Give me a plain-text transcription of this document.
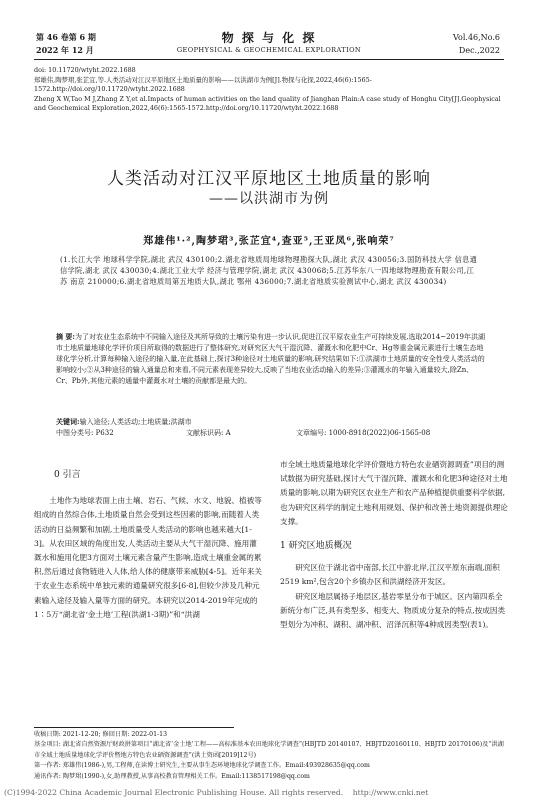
第 46 卷第 6 期
2022 年 12 月
物 探 与 化 探
GEOPHYSICAL & GEOCHEMICAL EXPLORATION
Vol.46,No.6
Dec.,2022
doi: 10.11720/wtyht.2022.1688
郑雄伟,陶梦珺,张芷宜,等.人类活动对江汉平原地区土地质量的影响——以洪湖市为例[J].物探与化探,2022,46(6):1565-1572.http://doi.org/10.11720/wtyht.2022.1688
Zheng X W,Tao M J,Zhang Z Y,et al.Impacts of human activities on the land quality of Jianghan Plain:A case study of Honghu City[J].Geophysical and Geochemical Exploration,2022,46(6):1565-1572.http://doi.org/10.11720/wtyht.2022.1688
人类活动对江汉平原地区土地质量的影响
——以洪湖市为例
郑雄伟¹·²,陶梦珺³,张芷宜⁴,查亚⁵,王亚凤⁶,张响荣⁷
(1.长江大学 地球科学学院,湖北 武汉 430100;2.湖北省地质局地球物理勘探大队,湖北 武汉 430056;3.国防科技大学 信息通信学院,湖北 武汉 430030;4.湖北工业大学 经济与管理学院,湖北 武汉 430068;5.江苏华东八一四地球物理勘查有限公司,江苏 南京 210000;6.湖北省地质局第五地质大队,湖北 鄂州 436000;7.湖北省地质实验测试中心,湖北 武汉 430034)
摘 要:为了对农业生态系统中不同输入途径及其所导致的土壤污染有进一步认识,促进江汉平原农业生产可持续发展,选取2014~2019年洪湖市土地质量地球化学评价项目所取得的数据进行了整体研究,对研究区大气干湿沉降、灌溉水和化肥中Cr、Hg等重金属元素进行土壤生态地球化学分析,计算每种输入途径的输入量,在此基础上,探讨3种途径对土地质量的影响,研究结果如下:①洪湖市土地质量的安全性受人类活动的影响较小;②从3种途径的输入通量总和来看,不同元素表现差异较大,反映了当地农业活动输入的差异;③灌溉水的年输入通量较大,除Zn、Cr、Pb外,其他元素的通量中灌溉水对土壤的贡献都是最大的。
关键词:输入途径;人类活动;土地质量;洪湖市
中图分类号: P632	文献标识码: A	文章编号: 1000-8918(2022)06-1565-08
0 引言
土地作为地球表面上由土壤、岩石、气候、水文、地貌、植被等组成的自然综合体,土地质量自然会受到这些因素的影响,而随着人类活动的日益频繁和加剧,土地质量受人类活动的影响也越来越大[1-3]。从农田区域的角度出发,人类活动主要从大气干湿沉降、施用灌溉水和施用化肥3方面对土壤元素含量产生影响,造成土壤重金属的累积,然后通过食物链进入人体,给人体的健康带来威胁[4-5]。近年来关于农业生态系统中单独元素的通量研究很多[6-8],但较少涉及几种元素输入途径及输入量等方面的研究。本研究以2014-2019年完成的1∶5万“湖北省‘金土地’工程(洪湖1-3期)”和“洪湖
市全域土地质量地球化学评价暨地方特色农业硒资源调查”项目的测试数据为研究基础,探讨大气干湿沉降、灌溉水和化肥3种途径对土地质量的影响,以期为研究区农业生产和农产品种植提供重要科学依据,也为研究区科学的制定土地利用规划、保护和改善土地资源提供理论支撑。
1 研究区地质概况
研究区位于湖北省中南部,长江中游北岸,江汉平原东南端,面积2519 km²,包含20个乡镇办区和洪湖经济开发区。
研究区地层属扬子地层区,基岩零星分布于城区。区内第四系全新统分布广泛,具有类型多、相变大、物质成分复杂的特点,按成因类型划分为冲积、湖积、湖冲积、沼泽沉积等4种成因类型(表1)。
收稿日期: 2021-12-20; 修回日期: 2022-01-13
基金项目: 湖北省自然资源厅财政拼第项目“湖北省‘金土地’工程——高标准基本农田地球化学调查”(HBJTD 20140107、HBJTD20160110、HBJTD 20170106)及“洪湖市全域土地质量地球化学评价暨地方特色农业硒资源调查”(洪土资函[2019]12号)
第一作者: 郑雄伟(1986-),男,工程师,在读博士研究生,主要从事生态环境地球化学调查工作。Email:493928635@qq.com
通讯作者: 陶梦珺(1990-),女,助理教授,从事高校教育管理相关工作。Email:1138517198@qq.com
(C)1994-2022 China Academic Journal Electronic Publishing House. All rights reserved.    http://www.cnki.net
